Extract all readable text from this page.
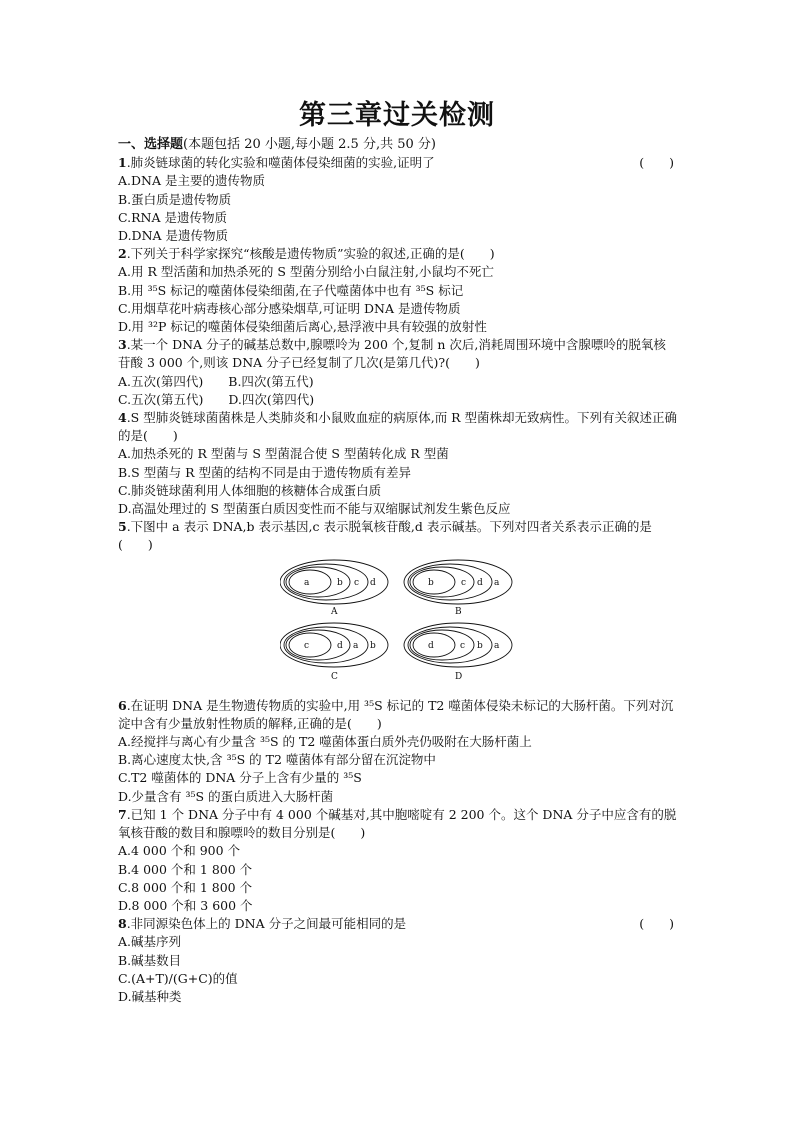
第三章过关检测
一、选择题(本题包括 20 小题,每小题 2.5 分,共 50 分)
1.肺炎链球菌的转化实验和噬菌体侵染细菌的实验,证明了	(　　)
A.DNA 是主要的遗传物质
B.蛋白质是遗传物质
C.RNA 是遗传物质
D.DNA 是遗传物质
2.下列关于科学家探究“核酸是遗传物质”实验的叙述,正确的是(　　)
A.用 R 型活菌和加热杀死的 S 型菌分别给小白鼠注射,小鼠均不死亡
B.用 ³⁵S 标记的噬菌体侵染细菌,在子代噬菌体中也有 ³⁵S 标记
C.用烟草花叶病毒核心部分感染烟草,可证明 DNA 是遗传物质
D.用 ³²P 标记的噬菌体侵染细菌后离心,悬浮液中具有较强的放射性
3.某一个 DNA 分子的碱基总数中,腺嘌呤为 200 个,复制 n 次后,消耗周围环境中含腺嘌呤的脱氧核苷酸 3 000 个,则该 DNA 分子已经复制了几次(是第几代)?(　　)
A.五次(第四代)　　B.四次(第五代)
C.五次(第五代)　　D.四次(第四代)
4.S 型肺炎链球菌菌株是人类肺炎和小鼠败血症的病原体,而 R 型菌株却无致病性。下列有关叙述正确的是(　　)
A.加热杀死的 R 型菌与 S 型菌混合使 S 型菌转化成 R 型菌
B.S 型菌与 R 型菌的结构不同是由于遗传物质有差异
C.肺炎链球菌利用人体细胞的核糖体合成蛋白质
D.高温处理过的 S 型菌蛋白质因变性而不能与双缩脲试剂发生紫色反应
5.下图中 a 表示 DNA,b 表示基因,c 表示脱氧核苷酸,d 表示碱基。下列对四者关系表示正确的是(　　)
a	b c d
A
b	c d a
B
c	d a b
C
d	c b a
D
6.在证明 DNA 是生物遗传物质的实验中,用 ³⁵S 标记的 T2 噬菌体侵染未标记的大肠杆菌。下列对沉淀中含有少量放射性物质的解释,正确的是(　　)
A.经搅拌与离心有少量含 ³⁵S 的 T2 噬菌体蛋白质外壳仍吸附在大肠杆菌上
B.离心速度太快,含 ³⁵S 的 T2 噬菌体有部分留在沉淀物中
C.T2 噬菌体的 DNA 分子上含有少量的 ³⁵S
D.少量含有 ³⁵S 的蛋白质进入大肠杆菌
7.已知 1 个 DNA 分子中有 4 000 个碱基对,其中胞嘧啶有 2 200 个。这个 DNA 分子中应含有的脱氧核苷酸的数目和腺嘌呤的数目分别是(　　)
A.4 000 个和 900 个
B.4 000 个和 1 800 个
C.8 000 个和 1 800 个
D.8 000 个和 3 600 个
8.非同源染色体上的 DNA 分子之间最可能相同的是	(　　)
A.碱基序列
B.碱基数目
C.(A+T)/(G+C)的值
D.碱基种类
